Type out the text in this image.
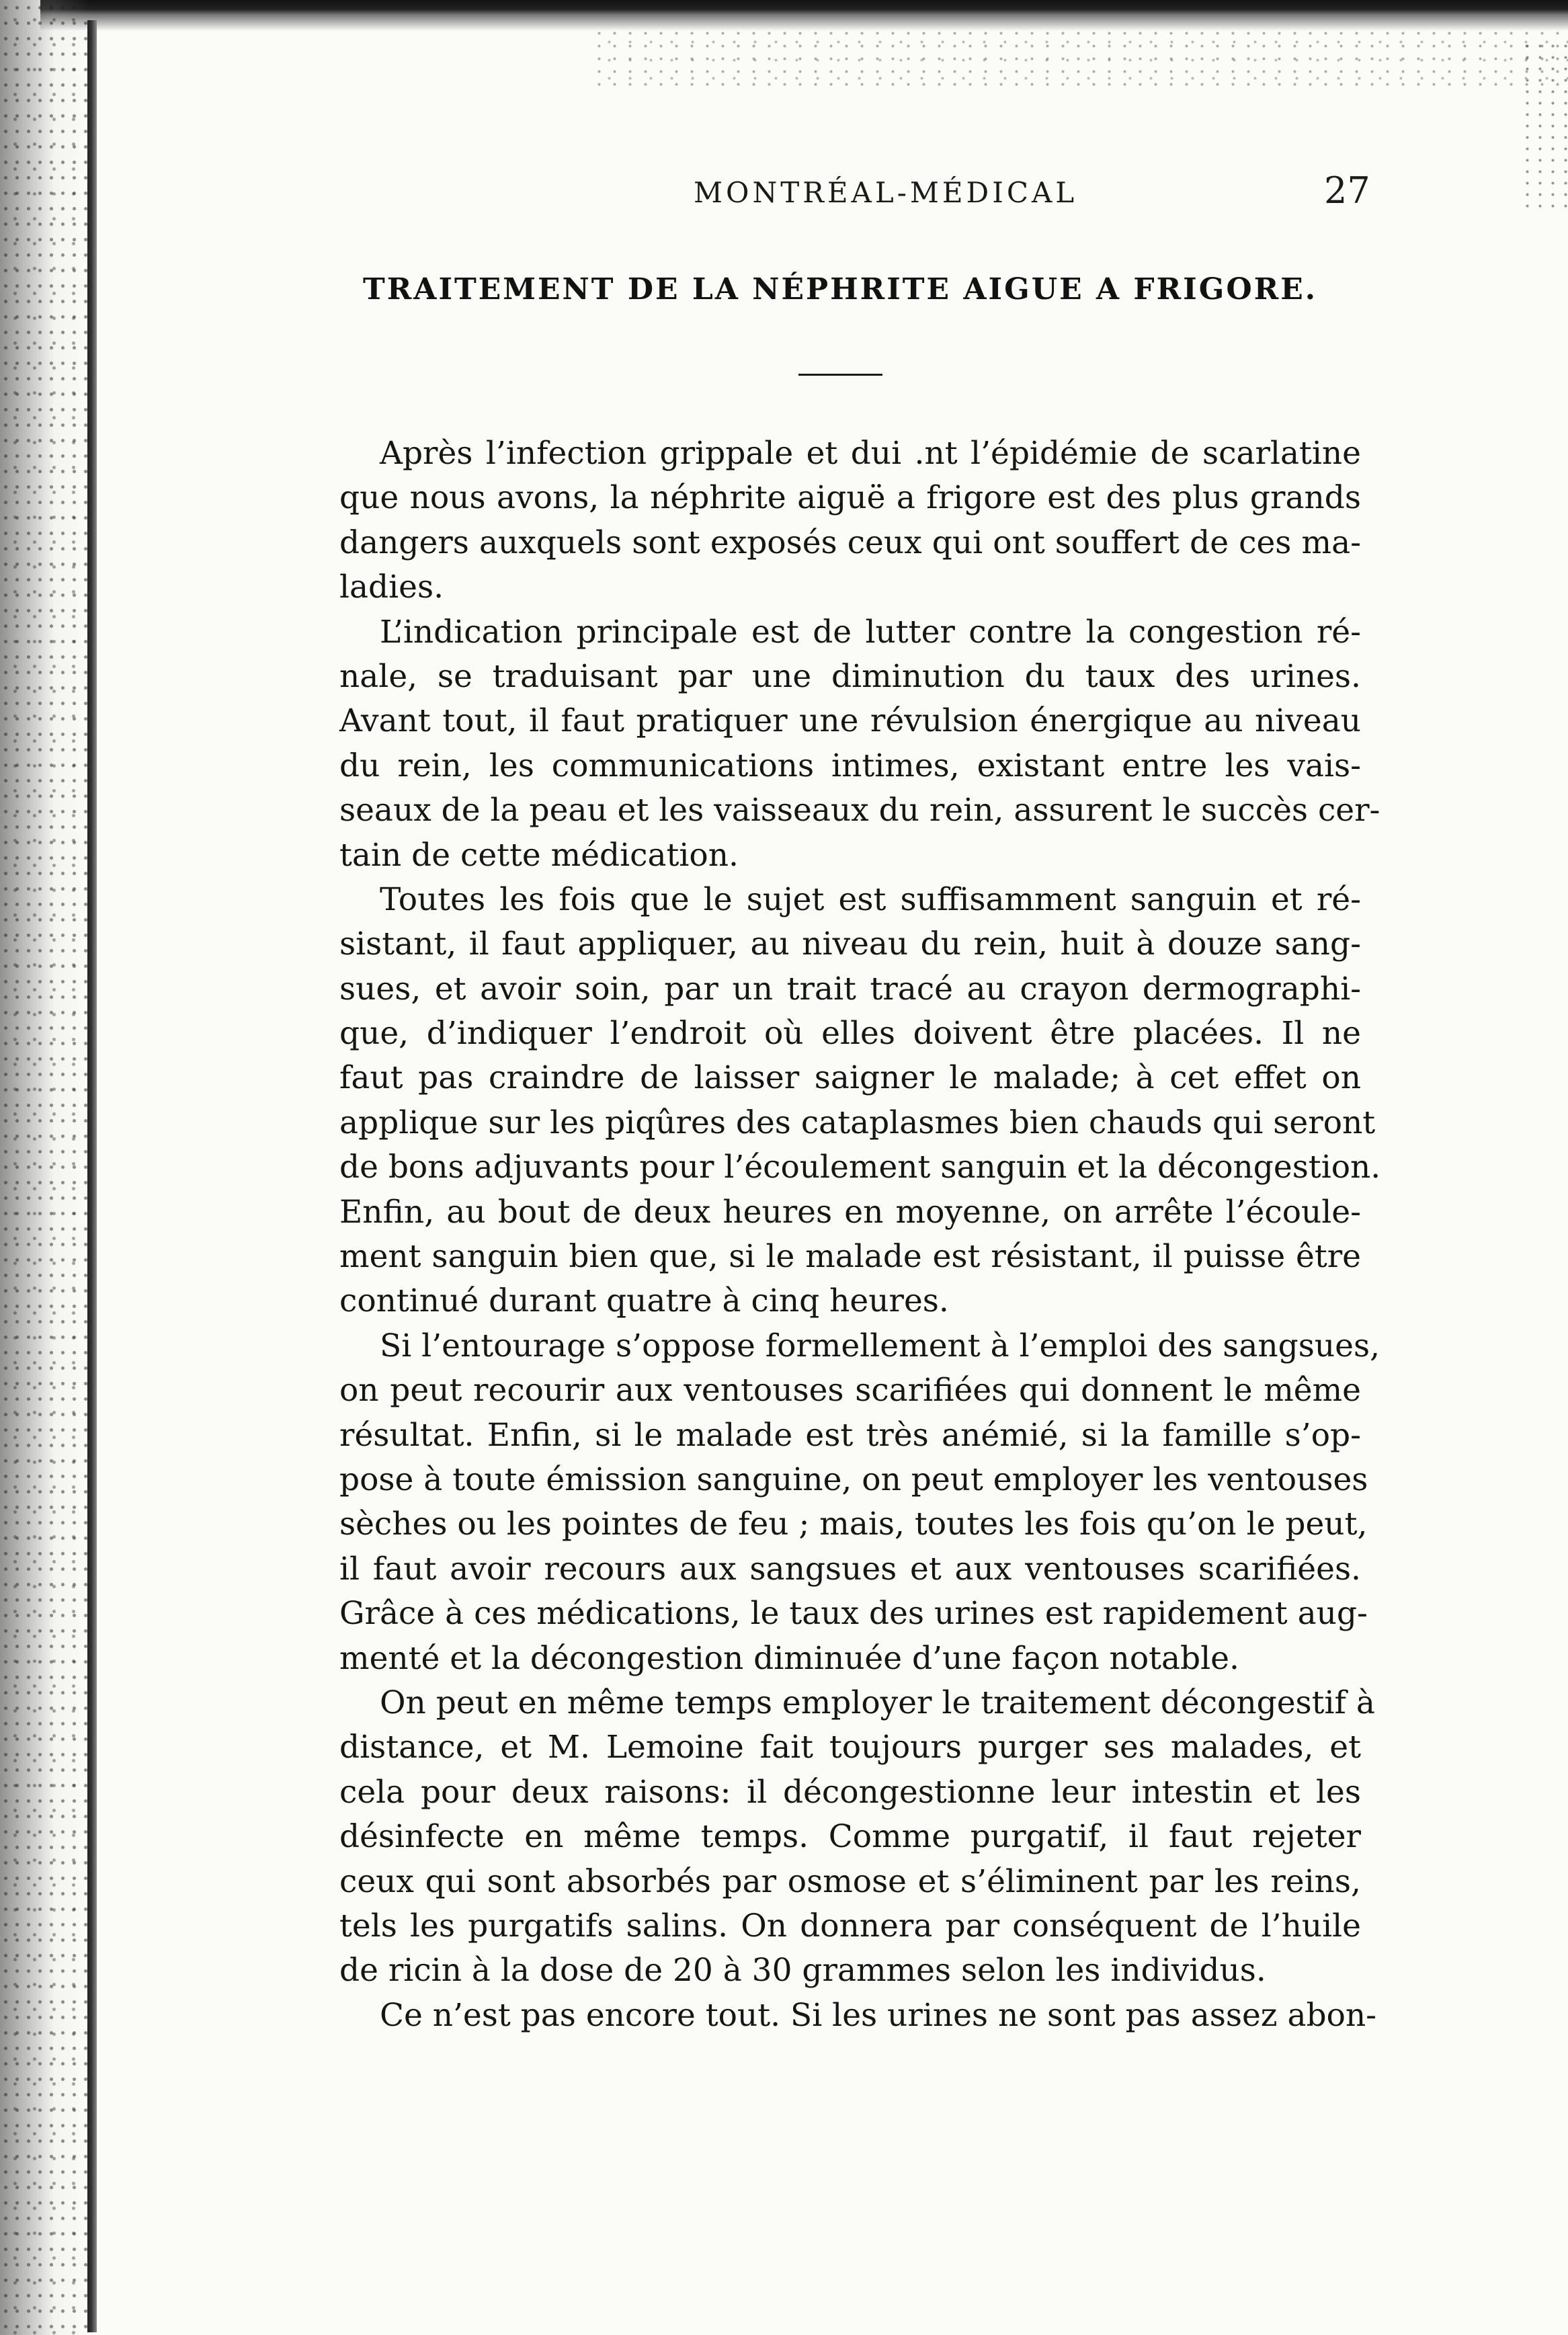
MONTRÉAL-MÉDICAL	27
TRAITEMENT DE LA NÉPHRITE AIGUE A FRIGORE.
Après l’infection grippale et dui .nt l’épidémie de scarlatine
que nous avons, la néphrite aiguë a frigore est des plus grands
dangers auxquels sont exposés ceux qui ont souffert de ces ma-
ladies.
L’indication principale est de lutter contre la congestion ré-
nale, se traduisant par une diminution du taux des urines.
Avant tout, il faut pratiquer une révulsion énergique au niveau
du rein, les communications intimes, existant entre les vais-
seaux de la peau et les vaisseaux du rein, assurent le succès cer-
tain de cette médication.
Toutes les fois que le sujet est suffisamment sanguin et ré-
sistant, il faut appliquer, au niveau du rein, huit à douze sang-
sues, et avoir soin, par un trait tracé au crayon dermographi-
que, d’indiquer l’endroit où elles doivent être placées. Il ne
faut pas craindre de laisser saigner le malade; à cet effet on
applique sur les piqûres des cataplasmes bien chauds qui seront
de bons adjuvants pour l’écoulement sanguin et la décongestion.
Enfin, au bout de deux heures en moyenne, on arrête l’écoule-
ment sanguin bien que, si le malade est résistant, il puisse être
continué durant quatre à cinq heures.
Si l’entourage s’oppose formellement à l’emploi des sangsues,
on peut recourir aux ventouses scarifiées qui donnent le même
résultat. Enfin, si le malade est très anémié, si la famille s’op-
pose à toute émission sanguine, on peut employer les ventouses
sèches ou les pointes de feu ; mais, toutes les fois qu’on le peut,
il faut avoir recours aux sangsues et aux ventouses scarifiées.
Grâce à ces médications, le taux des urines est rapidement aug-
menté et la décongestion diminuée d’une façon notable.
On peut en même temps employer le traitement décongestif à
distance, et M. Lemoine fait toujours purger ses malades, et
cela pour deux raisons: il décongestionne leur intestin et les
désinfecte en même temps. Comme purgatif, il faut rejeter
ceux qui sont absorbés par osmose et s’éliminent par les reins,
tels les purgatifs salins. On donnera par conséquent de l’huile
de ricin à la dose de 20 à 30 grammes selon les individus.
Ce n’est pas encore tout. Si les urines ne sont pas assez abon-
